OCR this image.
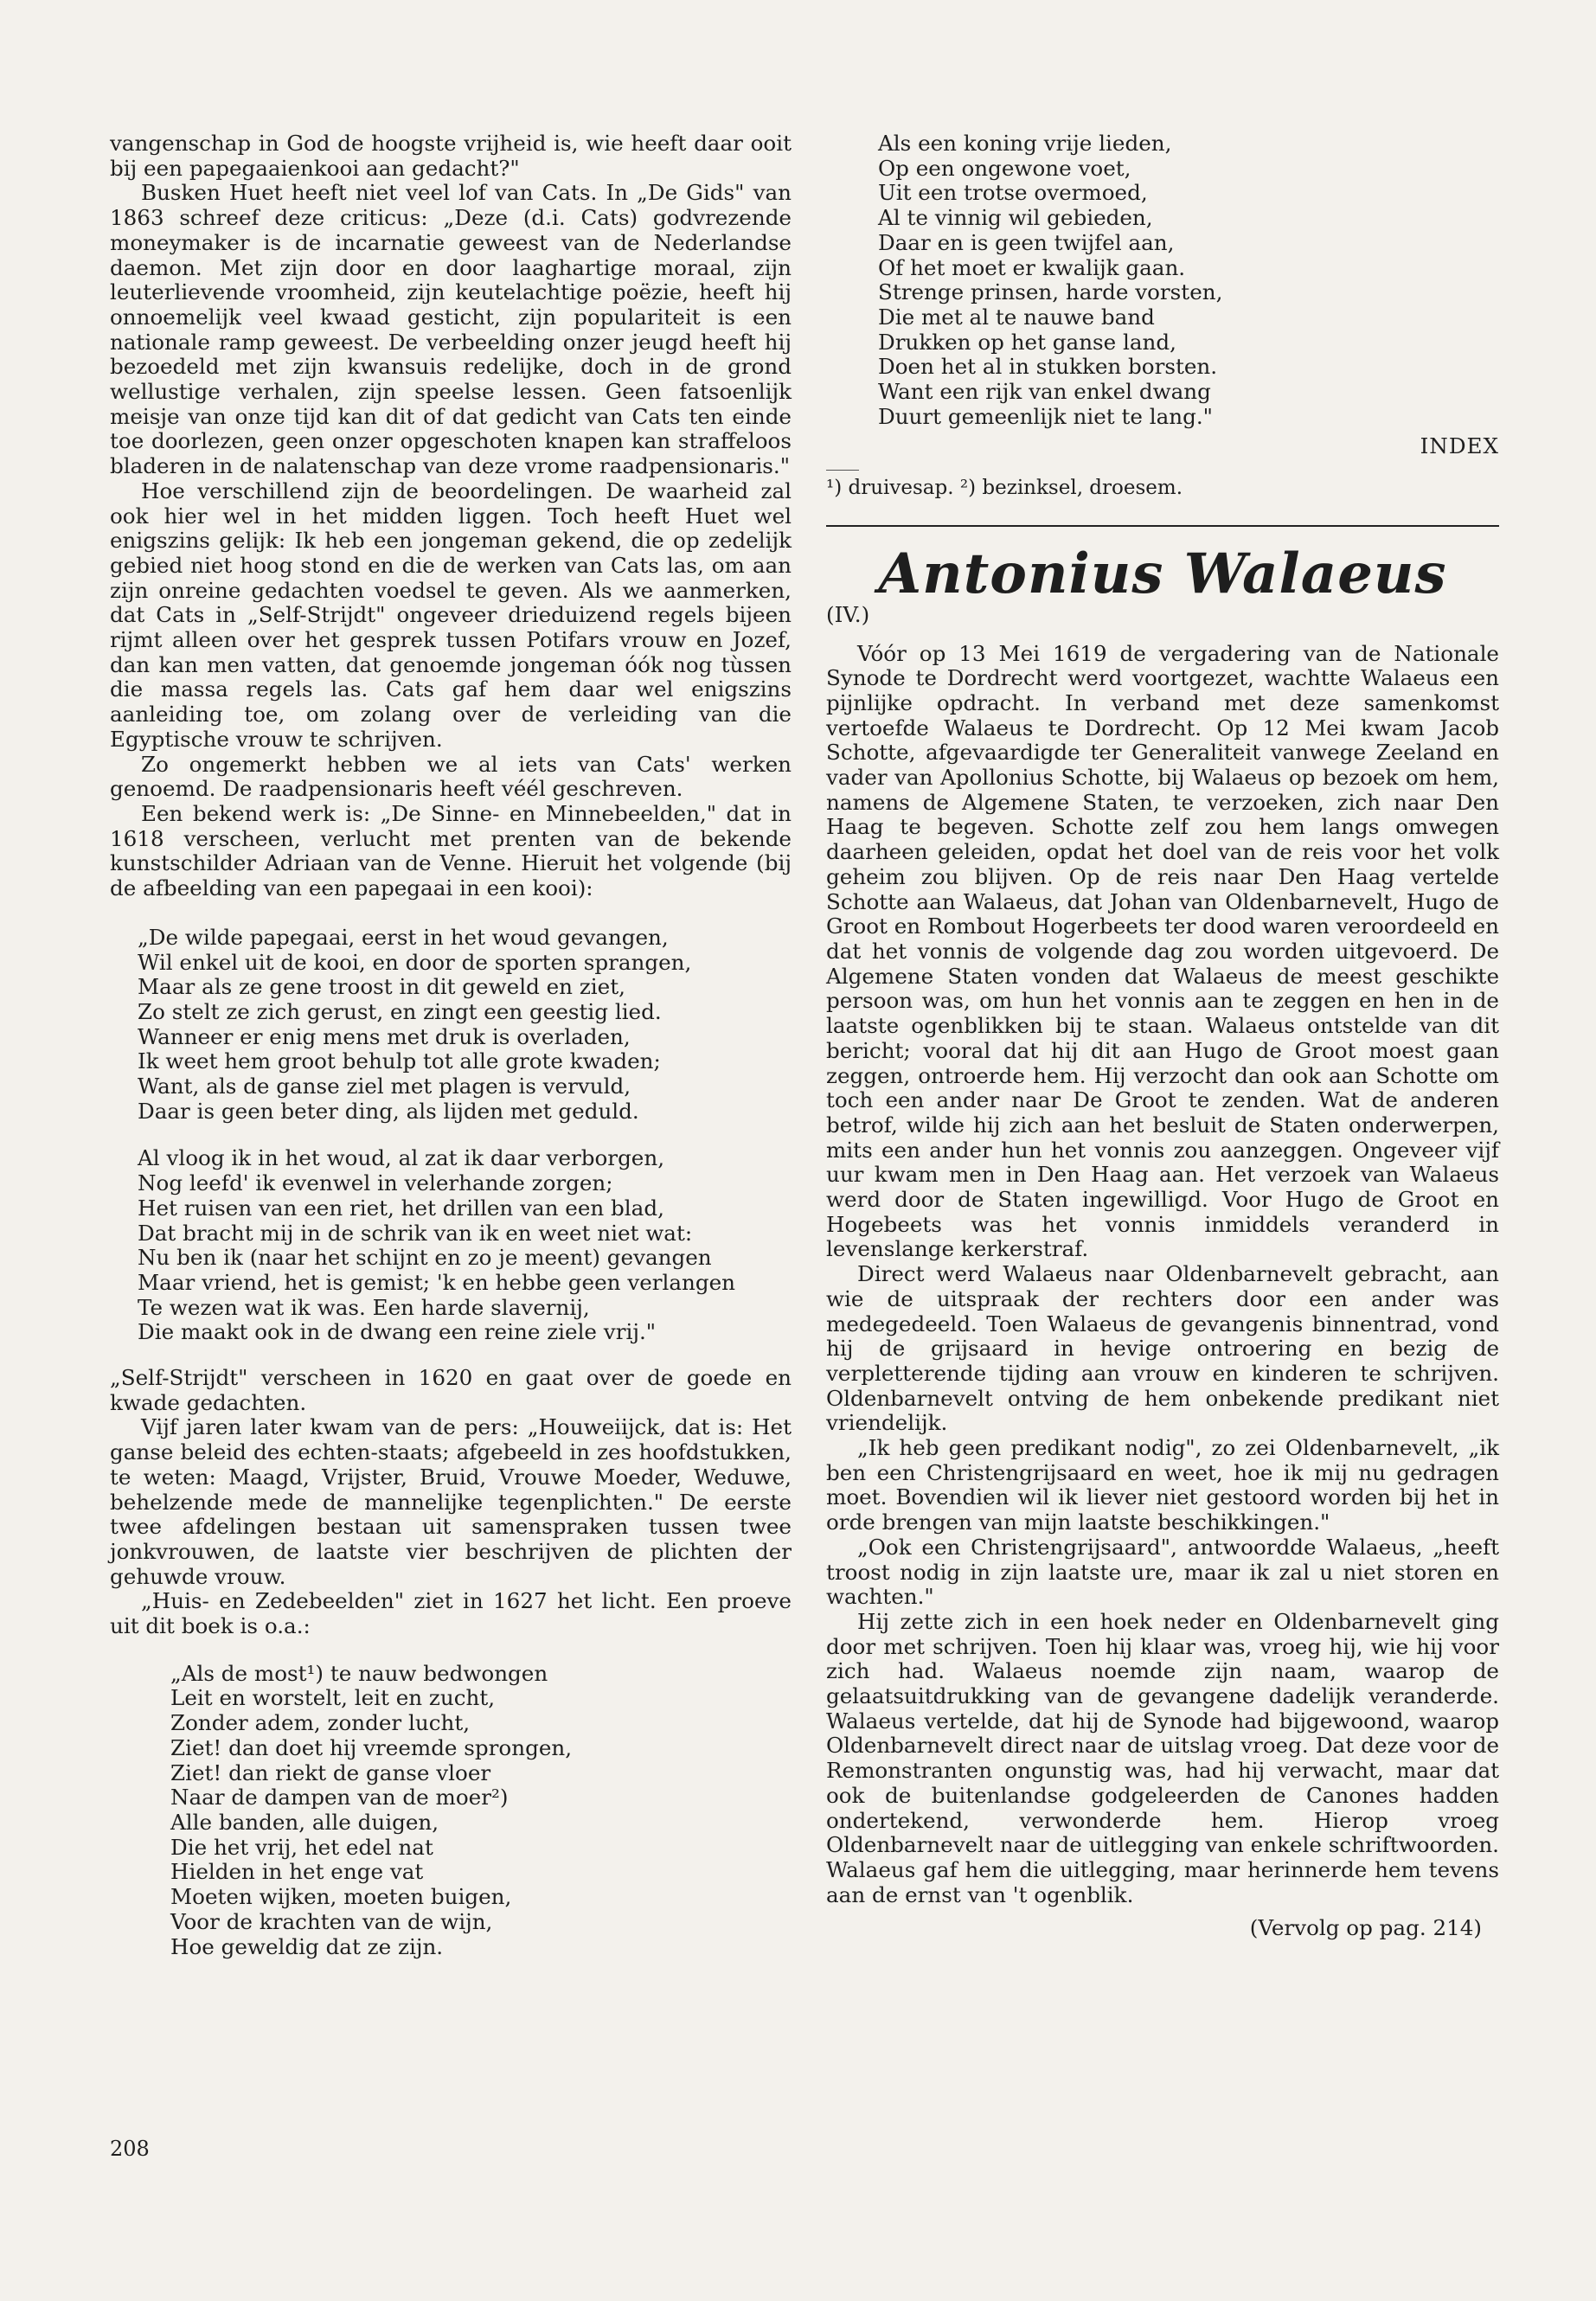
vangenschap in God de hoogste vrijheid is, wie heeft daar ooit bij een papegaaienkooi aan gedacht?"

Busken Huet heeft niet veel lof van Cats. In „De Gids" van 1863 schreef deze criticus: „Deze (d.i. Cats) godvrezende moneymaker is de incarnatie geweest van de Nederlandse daemon. Met zijn door en door laaghartige moraal, zijn leuterlievende vroomheid, zijn keutelachtige poëzie, heeft hij onnoemelijk veel kwaad gesticht, zijn populariteit is een nationale ramp geweest. De verbeelding onzer jeugd heeft hij bezoedeld met zijn kwansuis redelijke, doch in de grond wellustige verhalen, zijn speelse lessen. Geen fatsoenlijk meisje van onze tijd kan dit of dat gedicht van Cats ten einde toe doorlezen, geen onzer opgeschoten knapen kan straffeloos bladeren in de nalatenschap van deze vrome raadpensionaris."

Hoe verschillend zijn de beoordelingen. De waarheid zal ook hier wel in het midden liggen. Toch heeft Huet wel enigszins gelijk: Ik heb een jongeman gekend, die op zedelijk gebied niet hoog stond en die de werken van Cats las, om aan zijn onreine gedachten voedsel te geven. Als we aanmerken, dat Cats in „Self-Strijdt" ongeveer drieduizend regels bijeen rijmt alleen over het gesprek tussen Potifars vrouw en Jozef, dan kan men vatten, dat genoemde jongeman óók nog tùssen die massa regels las. Cats gaf hem daar wel enigszins aanleiding toe, om zolang over de verleiding van die Egyptische vrouw te schrijven.

Zo ongemerkt hebben we al iets van Cats' werken genoemd. De raadpensionaris heeft véél geschreven.

Een bekend werk is: „De Sinne- en Minnebeelden," dat in 1618 verscheen, verlucht met prenten van de bekende kunstschilder Adriaan van de Venne. Hieruit het volgende (bij de afbeelding van een papegaai in een kooi):

„De wilde papegaai, eerst in het woud gevangen,
Wil enkel uit de kooi, en door de sporten sprangen,
Maar als ze gene troost in dit geweld en ziet,
Zo stelt ze zich gerust, en zingt een geestig lied.
Wanneer er enig mens met druk is overladen,
Ik weet hem groot behulp tot alle grote kwaden;
Want, als de ganse ziel met plagen is vervuld,
Daar is geen beter ding, als lijden met geduld.
Al vloog ik in het woud, al zat ik daar verborgen,
Nog leefd' ik evenwel in velerhande zorgen;
Het ruisen van een riet, het drillen van een blad,
Dat bracht mij in de schrik van ik en weet niet wat:
Nu ben ik (naar het schijnt en zo je meent) gevangen
Maar vriend, het is gemist; 'k en hebbe geen verlangen
Te wezen wat ik was. Een harde slavernij,
Die maakt ook in de dwang een reine ziele vrij."

„Self-Strijdt" verscheen in 1620 en gaat over de goede en kwade gedachten.

Vijf jaren later kwam van de pers: „Houweiijck, dat is: Het ganse beleid des echten-staats; afgebeeld in zes hoofdstukken, te weten: Maagd, Vrijster, Bruid, Vrouwe Moeder, Weduwe, behelzende mede de mannelijke tegenplichten." De eerste twee afdelingen bestaan uit samenspraken tussen twee jonkvrouwen, de laatste vier beschrijven de plichten der gehuwde vrouw.

„Huis- en Zedebeelden" ziet in 1627 het licht. Een proeve uit dit boek is o.a.:

„Als de most¹) te nauw bedwongen
Leit en worstelt, leit en zucht,
Zonder adem, zonder lucht,
Ziet! dan doet hij vreemde sprongen,
Ziet! dan riekt de ganse vloer
Naar de dampen van de moer²)
Alle banden, alle duigen,
Die het vrij, het edel nat
Hielden in het enge vat
Moeten wijken, moeten buigen,
Voor de krachten van de wijn,
Hoe geweldig dat ze zijn.
Als een koning vrije lieden,
Op een ongewone voet,
Uit een trotse overmoed,
Al te vinnig wil gebieden,
Daar en is geen twijfel aan,
Of het moet er kwalijk gaan.
Strenge prinsen, harde vorsten,
Die met al te nauwe band
Drukken op het ganse land,
Doen het al in stukken borsten.
Want een rijk van enkel dwang
Duurt gemeenlijk niet te lang."
INDEX
¹) druivesap. ²) bezinksel, droesem.
Antonius Walaeus
(IV.)

Vóór op 13 Mei 1619 de vergadering van de Nationale Synode te Dordrecht werd voortgezet, wachtte Walaeus een pijnlijke opdracht. In verband met deze samenkomst vertoefde Walaeus te Dordrecht. Op 12 Mei kwam Jacob Schotte, afgevaardigde ter Generaliteit vanwege Zeeland en vader van Apollonius Schotte, bij Walaeus op bezoek om hem, namens de Algemene Staten, te verzoeken, zich naar Den Haag te begeven. Schotte zelf zou hem langs omwegen daarheen geleiden, opdat het doel van de reis voor het volk geheim zou blijven. Op de reis naar Den Haag vertelde Schotte aan Walaeus, dat Johan van Oldenbarnevelt, Hugo de Groot en Rombout Hogerbeets ter dood waren veroordeeld en dat het vonnis de volgende dag zou worden uitgevoerd. De Algemene Staten vonden dat Walaeus de meest geschikte persoon was, om hun het vonnis aan te zeggen en hen in de laatste ogenblikken bij te staan. Walaeus ontstelde van dit bericht; vooral dat hij dit aan Hugo de Groot moest gaan zeggen, ontroerde hem. Hij verzocht dan ook aan Schotte om toch een ander naar De Groot te zenden. Wat de anderen betrof, wilde hij zich aan het besluit de Staten onderwerpen, mits een ander hun het vonnis zou aanzeggen. Ongeveer vijf uur kwam men in Den Haag aan. Het verzoek van Walaeus werd door de Staten ingewilligd. Voor Hugo de Groot en Hogebeets was het vonnis inmiddels veranderd in levenslange kerkerstraf.

Direct werd Walaeus naar Oldenbarnevelt gebracht, aan wie de uitspraak der rechters door een ander was medegedeeld. Toen Walaeus de gevangenis binnentrad, vond hij de grijsaard in hevige ontroering en bezig de verpletterende tijding aan vrouw en kinderen te schrijven. Oldenbarnevelt ontving de hem onbekende predikant niet vriendelijk.

„Ik heb geen predikant nodig", zo zei Oldenbarnevelt, „ik ben een Christengrijsaard en weet, hoe ik mij nu gedragen moet. Bovendien wil ik liever niet gestoord worden bij het in orde brengen van mijn laatste beschikkingen."

„Ook een Christengrijsaard", antwoordde Walaeus, „heeft troost nodig in zijn laatste ure, maar ik zal u niet storen en wachten."

Hij zette zich in een hoek neder en Oldenbarnevelt ging door met schrijven. Toen hij klaar was, vroeg hij, wie hij voor zich had. Walaeus noemde zijn naam, waarop de gelaatsuitdrukking van de gevangene dadelijk veranderde. Walaeus vertelde, dat hij de Synode had bijgewoond, waarop Oldenbarnevelt direct naar de uitslag vroeg. Dat deze voor de Remonstranten ongunstig was, had hij verwacht, maar dat ook de buitenlandse godgeleerden de Canones hadden ondertekend, verwonderde hem. Hierop vroeg Oldenbarnevelt naar de uitlegging van enkele schriftwoorden. Walaeus gaf hem die uitlegging, maar herinnerde hem tevens aan de ernst van 't ogenblik.

(Vervolg op pag. 214)
208
